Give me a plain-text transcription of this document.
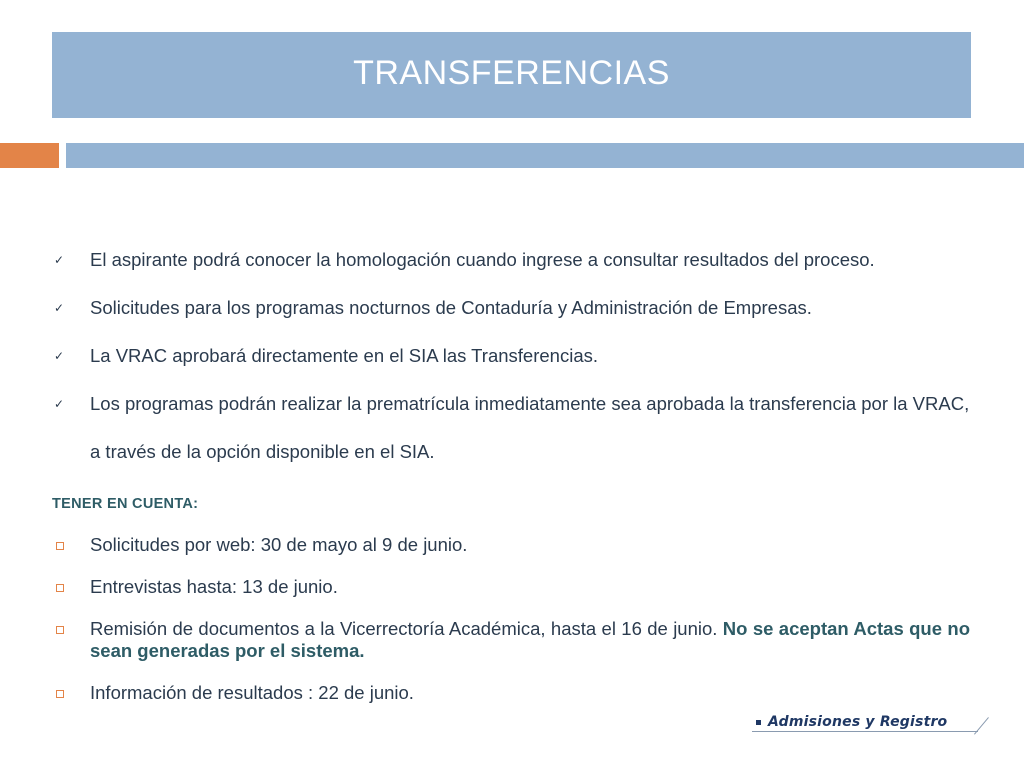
TRANSFERENCIAS
✓ El aspirante podrá conocer la homologación cuando ingrese a consultar resultados del proceso.
✓ Solicitudes para los programas nocturnos de Contaduría y Administración de Empresas.
✓ La VRAC aprobará directamente en el SIA las Transferencias.
✓ Los programas podrán realizar la prematrícula inmediatamente sea aprobada la transferencia por la VRAC, a través de la opción disponible en el SIA.
TENER EN CUENTA:
Solicitudes por web: 30 de mayo al 9 de junio.
Entrevistas hasta: 13 de junio.
Remisión de documentos a la Vicerrectoría Académica, hasta el 16 de junio. No se aceptan Actas que no sean generadas por el sistema.
Información de resultados : 22 de junio.
Admisiones y Registro
